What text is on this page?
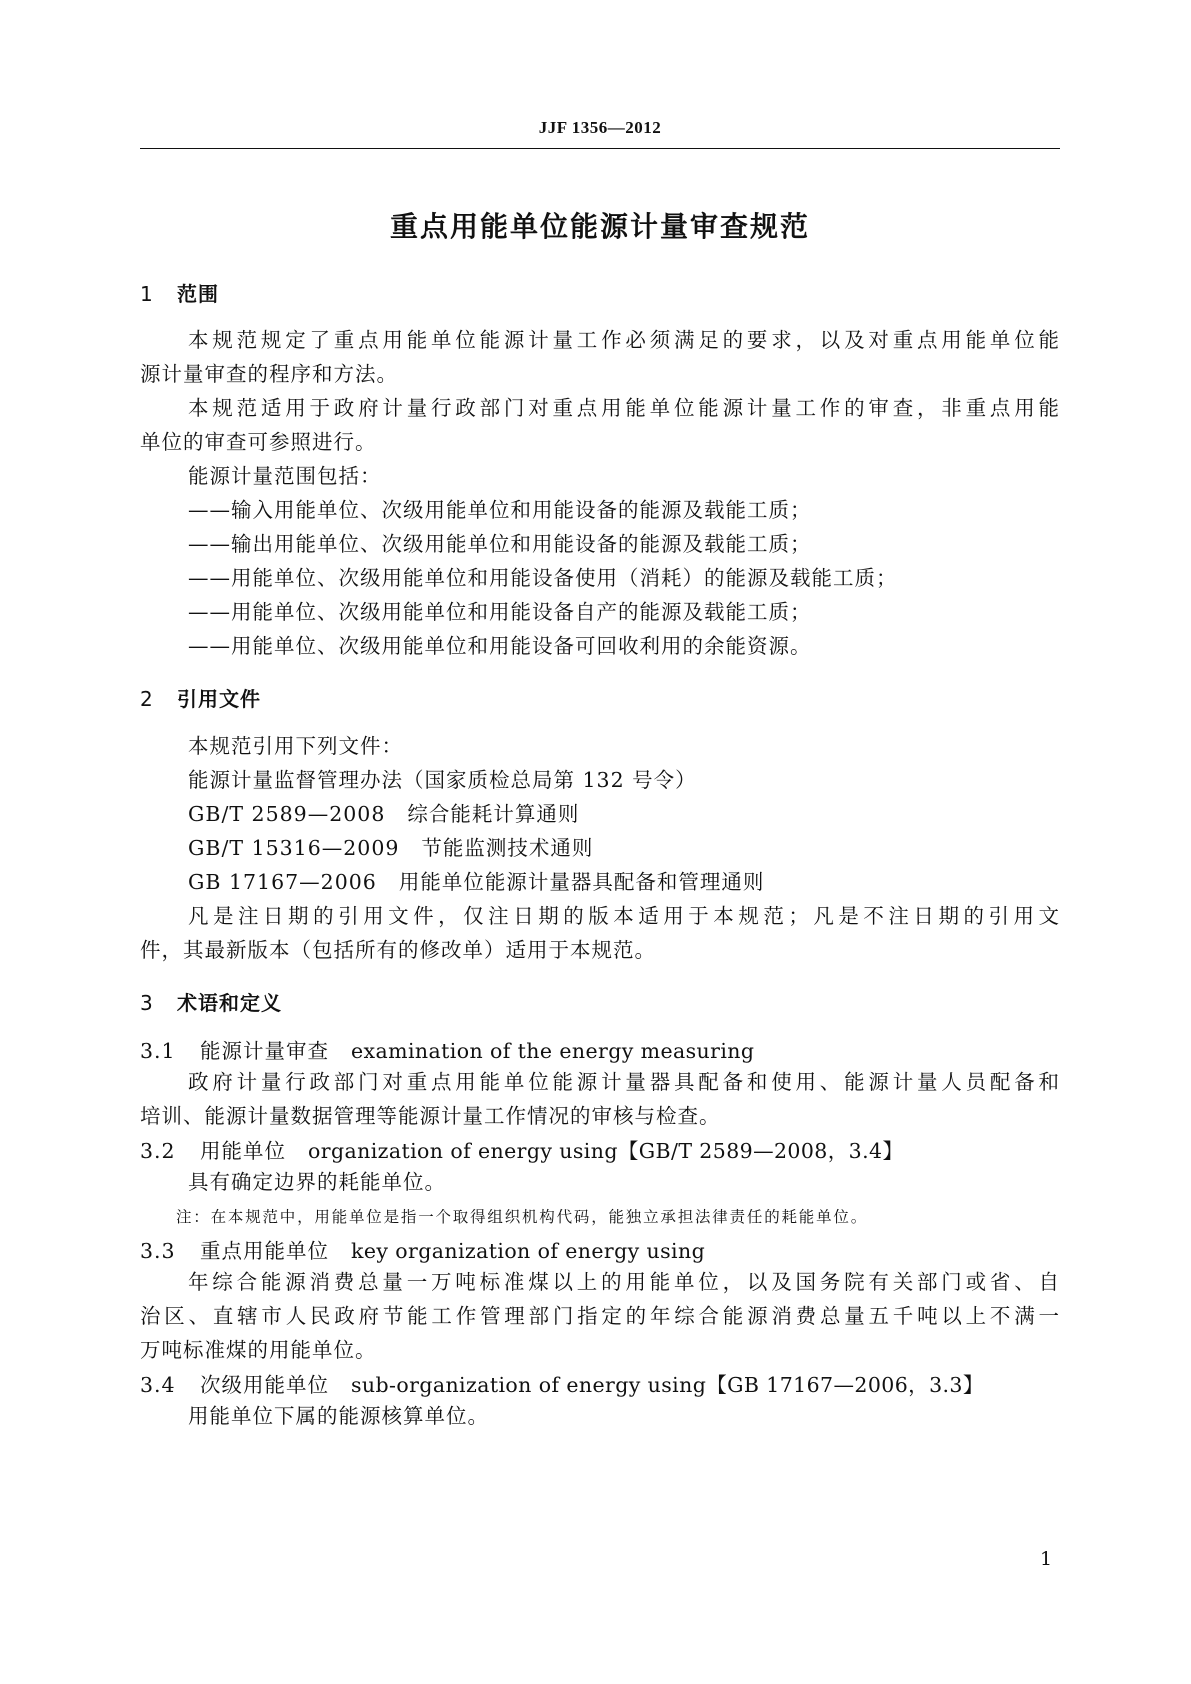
JJF 1356—2012
重点用能单位能源计量审查规范
1 范围
本规范规定了重点用能单位能源计量工作必须满足的要求，以及对重点用能单位能
源计量审查的程序和方法。
本规范适用于政府计量行政部门对重点用能单位能源计量工作的审查，非重点用能
单位的审查可参照进行。
能源计量范围包括：
——输入用能单位、次级用能单位和用能设备的能源及载能工质；
——输出用能单位、次级用能单位和用能设备的能源及载能工质；
——用能单位、次级用能单位和用能设备使用（消耗）的能源及载能工质；
——用能单位、次级用能单位和用能设备自产的能源及载能工质；
——用能单位、次级用能单位和用能设备可回收利用的余能资源。
2 引用文件
本规范引用下列文件：
能源计量监督管理办法（国家质检总局第 132 号令）
GB/T 2589—2008 综合能耗计算通则
GB/T 15316—2009 节能监测技术通则
GB 17167—2006 用能单位能源计量器具配备和管理通则
凡是注日期的引用文件，仅注日期的版本适用于本规范；凡是不注日期的引用文
件，其最新版本（包括所有的修改单）适用于本规范。
3 术语和定义
3.1 能源计量审查 examination of the energy measuring
政府计量行政部门对重点用能单位能源计量器具配备和使用、能源计量人员配备和
培训、能源计量数据管理等能源计量工作情况的审核与检查。
3.2 用能单位 organization of energy using【GB/T 2589—2008，3.4】
具有确定边界的耗能单位。
注：在本规范中，用能单位是指一个取得组织机构代码，能独立承担法律责任的耗能单位。
3.3 重点用能单位 key organization of energy using
年综合能源消费总量一万吨标准煤以上的用能单位，以及国务院有关部门或省、自
治区、直辖市人民政府节能工作管理部门指定的年综合能源消费总量五千吨以上不满一
万吨标准煤的用能单位。
3.4 次级用能单位 sub-organization of energy using【GB 17167—2006，3.3】
用能单位下属的能源核算单位。
1
